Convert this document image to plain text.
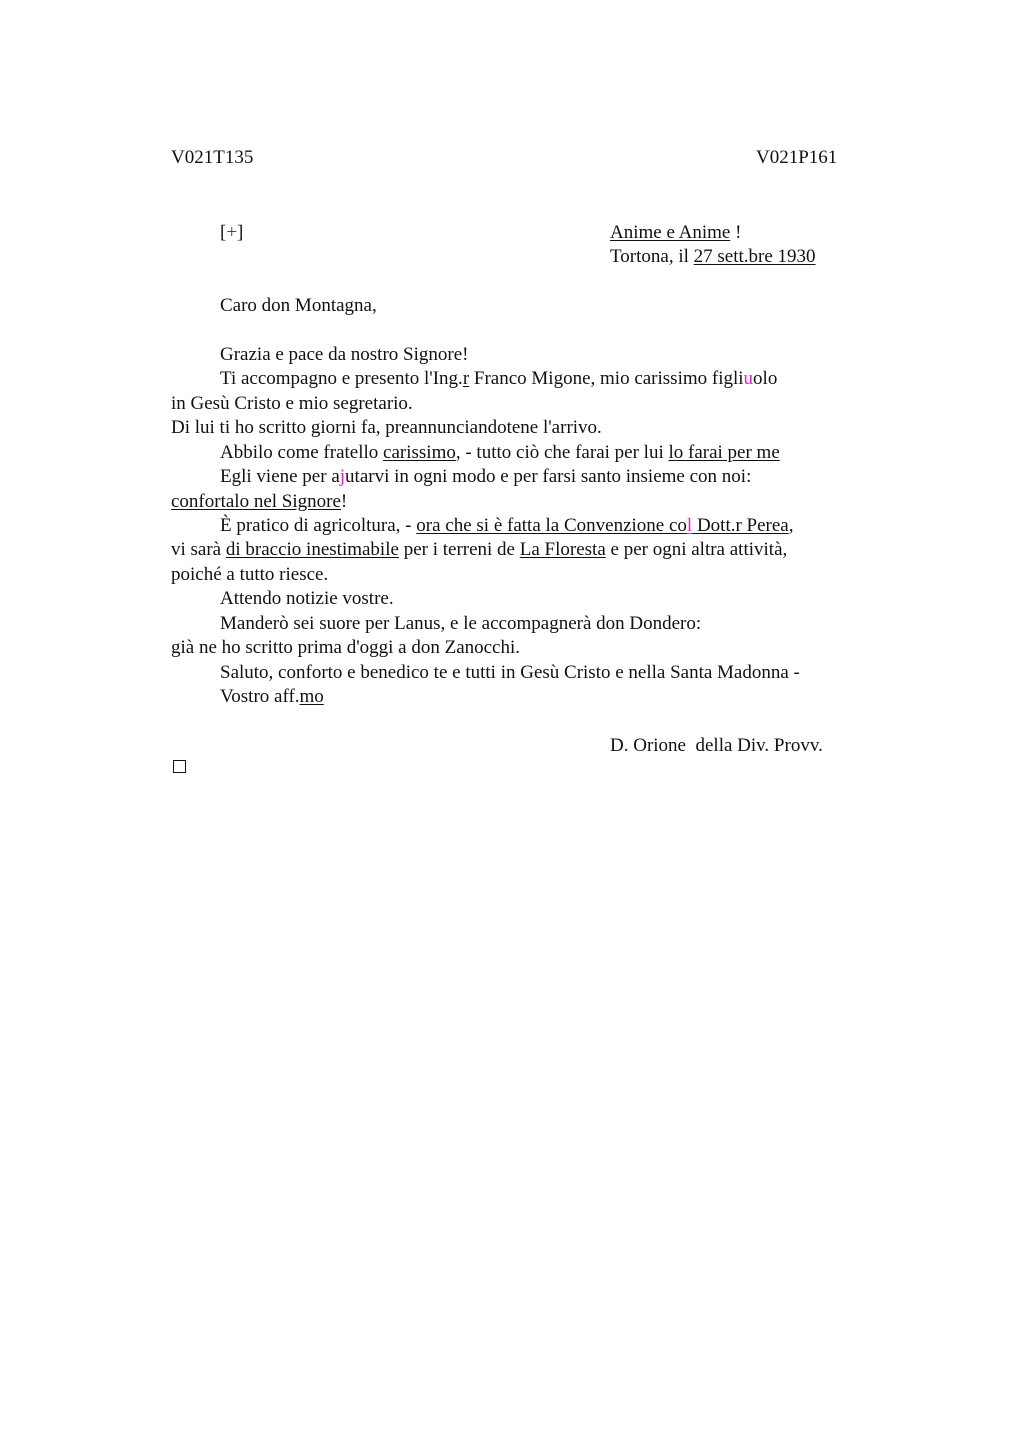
V021T135	V021P161
[+]	Anime e Anime !
Tortona, il 27 sett.bre 1930
Caro don Montagna,
Grazia e pace da nostro Signore!
Ti accompagno e presento l'Ing.r Franco Migone, mio carissimo figliuolo
in Gesù Cristo e mio segretario.
Di lui ti ho scritto giorni fa, preannunciandotene l'arrivo.
Abbilo come fratello carissimo, - tutto ciò che farai per lui lo farai per me
Egli viene per ajutarvi in ogni modo e per farsi santo insieme con noi:
confortalo nel Signore!
È pratico di agricoltura, - ora che si è fatta la Convenzione col Dott.r Perea,
vi sarà di braccio inestimabile per i terreni de La Floresta e per ogni altra attività,
poiché a tutto riesce.
Attendo notizie vostre.
Manderò sei suore per Lanus, e le accompagnerà don Dondero:
già ne ho scritto prima d'oggi a don Zanocchi.
Saluto, conforto e benedico te e tutti in Gesù Cristo e nella Santa Madonna -
Vostro aff.mo
D. Orione  della Div. Provv.
